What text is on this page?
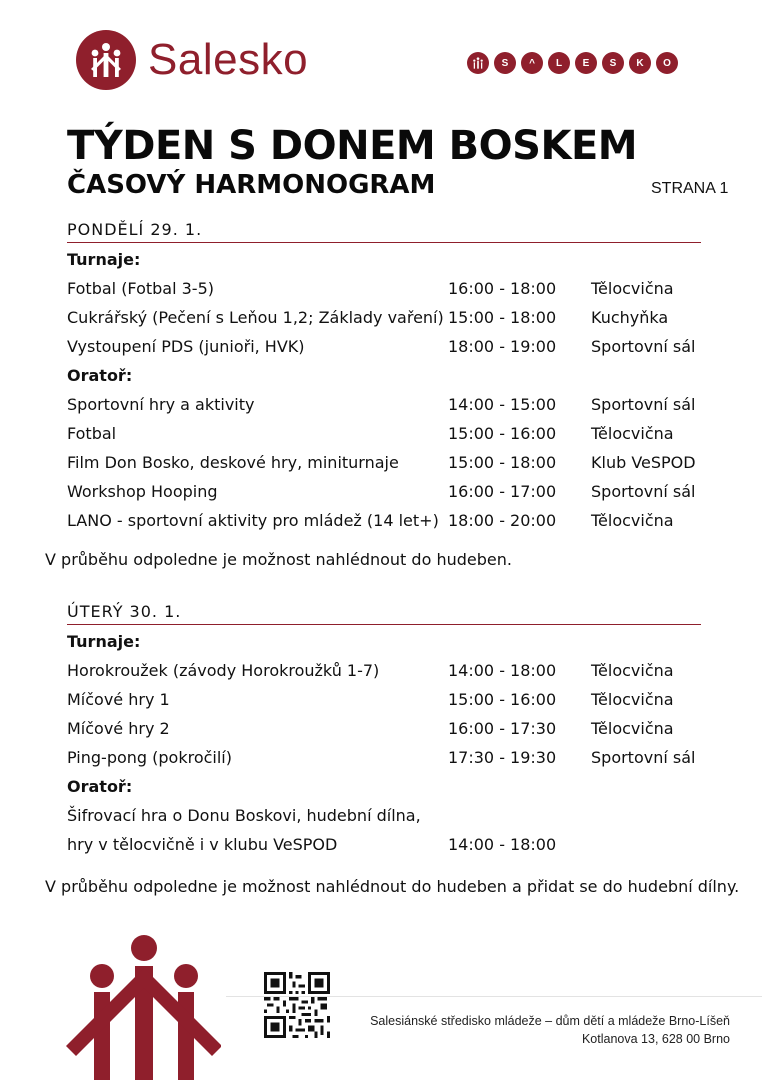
Salesko	S	^	L	E	S	K	O
TÝDEN S DONEM BOSKEM
ČASOVÝ HARMONOGRAM	STRANA 1
PONDĚLÍ 29. 1.
Turnaje:
Fotbal (Fotbal 3-5)	16:00 - 18:00 Tělocvična
Cukrářský (Pečení s Leňou 1,2; Základy vaření) 15:00 - 18:00 Kuchyňka
Vystoupení PDS (junioři, HVK)	18:00 - 19:00 Sportovní sál
Oratoř:
Sportovní hry a aktivity	14:00 - 15:00 Sportovní sál
Fotbal	15:00 - 16:00 Tělocvična
Film Don Bosko, deskové hry, miniturnaje	15:00 - 18:00 Klub VeSPOD
Workshop Hooping	16:00 - 17:00 Sportovní sál
LANO - sportovní aktivity pro mládež (14 let+) 18:00 - 20:00 Tělocvična
V průběhu odpoledne je možnost nahlédnout do hudeben.
ÚTERÝ 30. 1.
Turnaje:
Horokroužek (závody Horokroužků 1-7)	14:00 - 18:00 Tělocvična
Míčové hry 1	15:00 - 16:00 Tělocvična
Míčové hry 2	16:00 - 17:30 Tělocvična
Ping-pong (pokročilí)	17:30 - 19:30 Sportovní sál
Oratoř:
Šifrovací hra o Donu Boskovi, hudební dílna,
hry v tělocvičně i v klubu VeSPOD	14:00 - 18:00
V průběhu odpoledne je možnost nahlédnout do hudeben a přidat se do hudební dílny.
Salesiánské středisko mládeže – dům dětí a mládeže Brno-Líšeň
Kotlanova 13, 628 00 Brno
